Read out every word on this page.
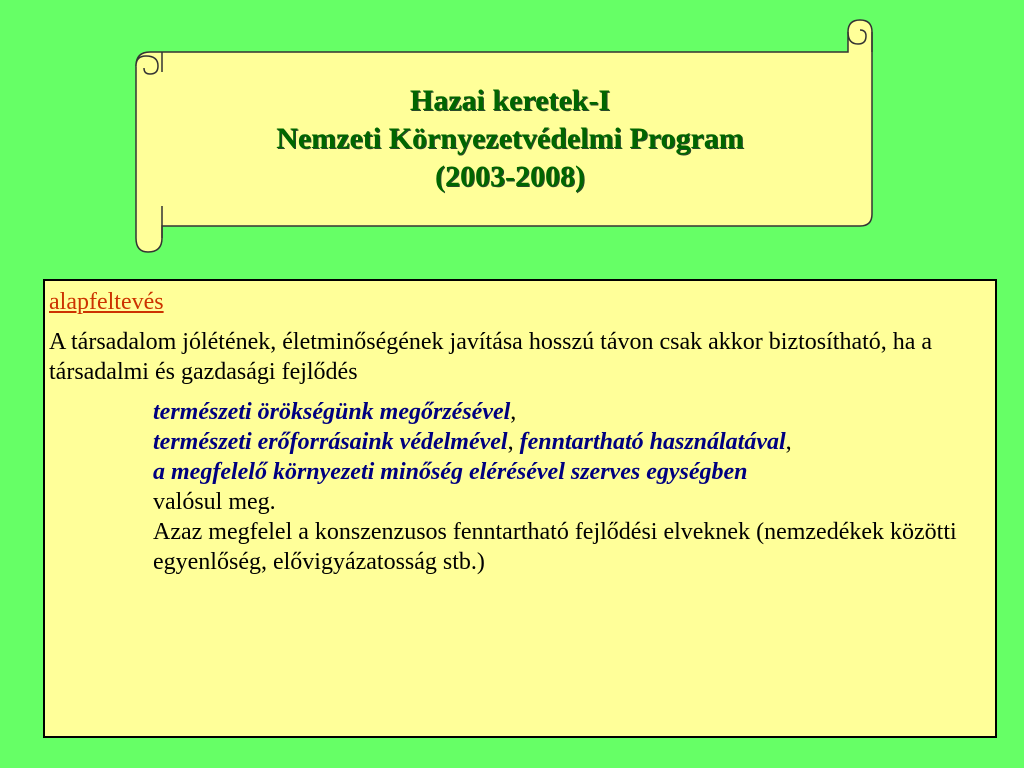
Hazai keretek-I
Nemzeti Környezetvédelmi Program
(2003-2008)
alapfeltevés
A társadalom jólétének, életminőségének javítása hosszú távon csak akkor biztosítható, ha a társadalmi és gazdasági fejlődés
természeti örökségünk megőrzésével,
természeti erőforrásaink védelmével, fenntartható használatával,
a megfelelő környezeti minőség elérésével szerves egységben
valósul meg.
Azaz megfelel a konszenzusos fenntartható fejlődési elveknek (nemzedékek közötti egyenlőség, elővigyázatosság stb.)
